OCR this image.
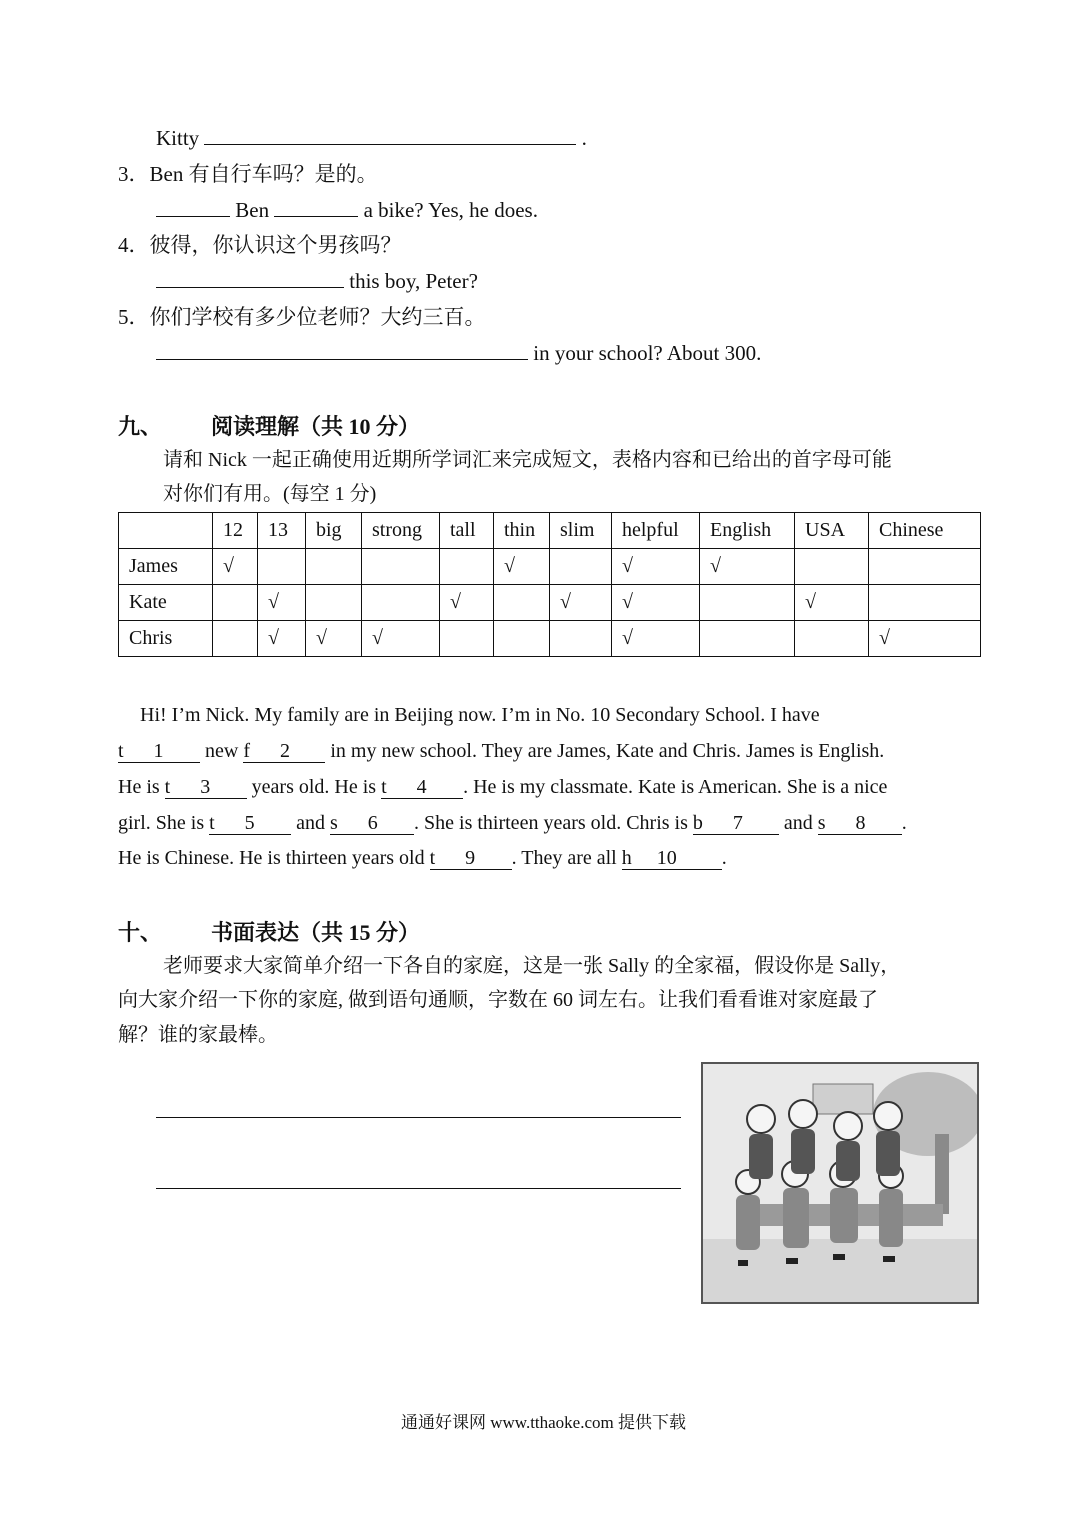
Kitty	.
3．Ben 有自行车吗？是的。
Ben	a bike? Yes, he does.
4．彼得，你认识这个男孩吗？
this boy, Peter?
5．你们学校有多少位老师？大约三百。
in your school? About 300.
九、 阅读理解（共 10 分）
请和 Nick 一起正确使用近期所学词汇来完成短文，表格内容和已给出的首字母可能
对你们有用。(每空 1 分)
	12	13	big	strong	tall	thin	slim	helpful	English	USA	Chinese
James	√					√		√	√		
Kate		√			√		√	√		√	
Chris		√	√	√				√			√
Hi! I’m Nick. My family are in Beijing now. I’m in No. 10 Secondary School. I have
t      1 new f      2 in my new school. They are James, Kate and Chris. James is English.
He is t      3 years old. He is t      4 . He is my classmate. Kate is American. She is a nice
girl. She is t      5 and s      6 . She is thirteen years old. Chris is b      7 and s      8 .
He is Chinese. He is thirteen years old t      9 . They are all h     10 .
十、 书面表达（共 15 分）
老师要求大家简单介绍一下各自的家庭，这是一张 Sally 的全家福，假设你是 Sally，
向大家介绍一下你的家庭, 做到语句通顺，字数在 60 词左右。让我们看看谁对家庭最了
解？谁的家最棒。
通通好课网 www.tthaoke.com 提供下载
